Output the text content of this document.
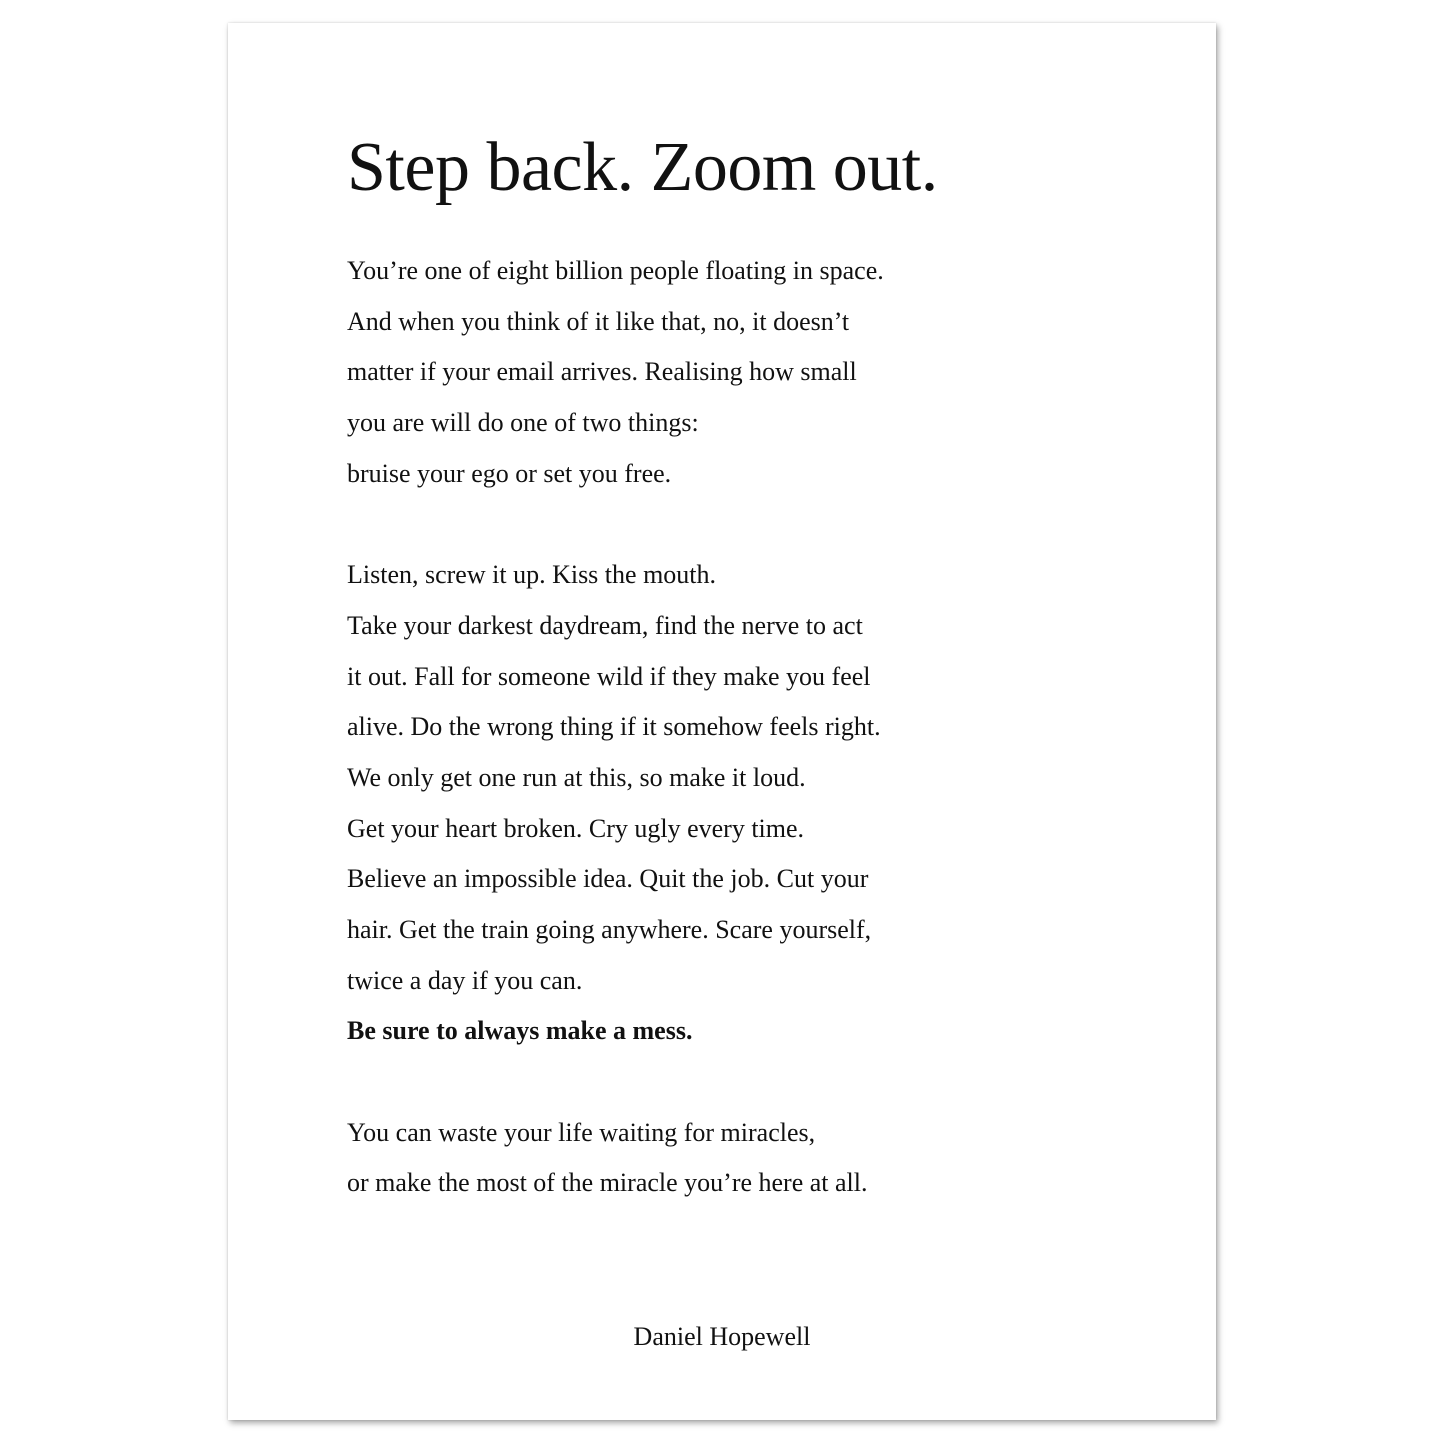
Step back. Zoom out.
You’re one of eight billion people floating in space.
And when you think of it like that, no, it doesn’t
matter if your email arrives. Realising how small
you are will do one of two things:
bruise your ego or set you free.
Listen, screw it up. Kiss the mouth.
Take your darkest daydream, find the nerve to act
it out. Fall for someone wild if they make you feel
alive. Do the wrong thing if it somehow feels right.
We only get one run at this, so make it loud.
Get your heart broken. Cry ugly every time.
Believe an impossible idea. Quit the job. Cut your
hair. Get the train going anywhere. Scare yourself,
twice a day if you can.
Be sure to always make a mess.
You can waste your life waiting for miracles,
or make the most of the miracle you’re here at all.
Daniel Hopewell
